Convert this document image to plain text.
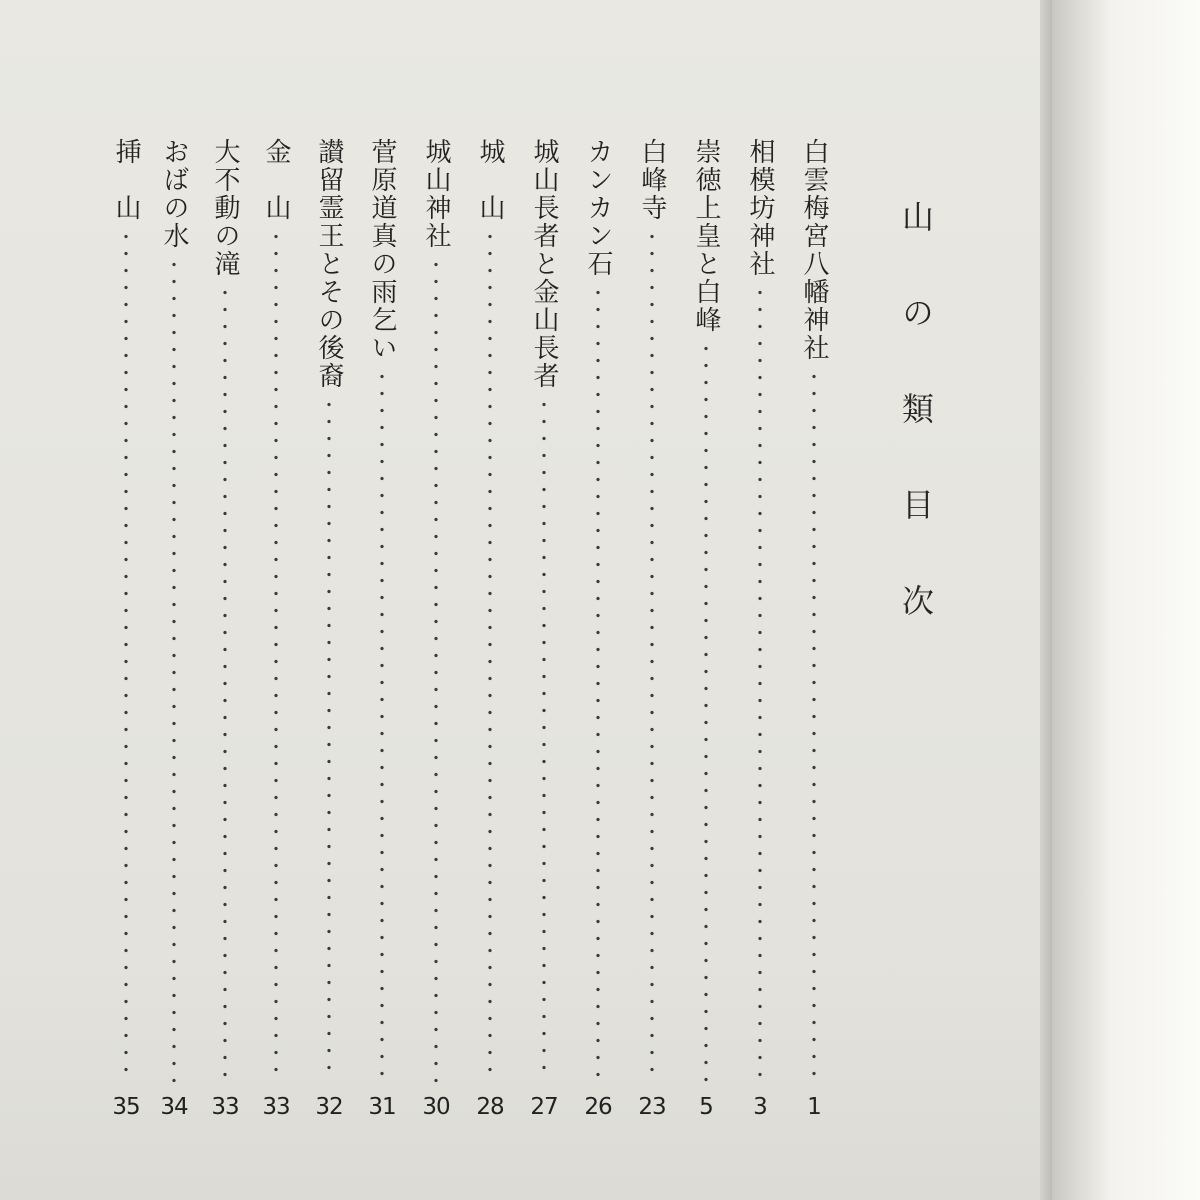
山の類目次
白雲梅宮八幡神社
1
相模坊神社
3
崇徳上皇と白峰
5
白峰寺
23
カンカン石
26
城山長者と金山長者
27
城　山
28
城山神社
30
菅原道真の雨乞い
31
讃留霊王とその後裔
32
金　山
33
大不動の滝
33
おばの水
34
挿　山
35
